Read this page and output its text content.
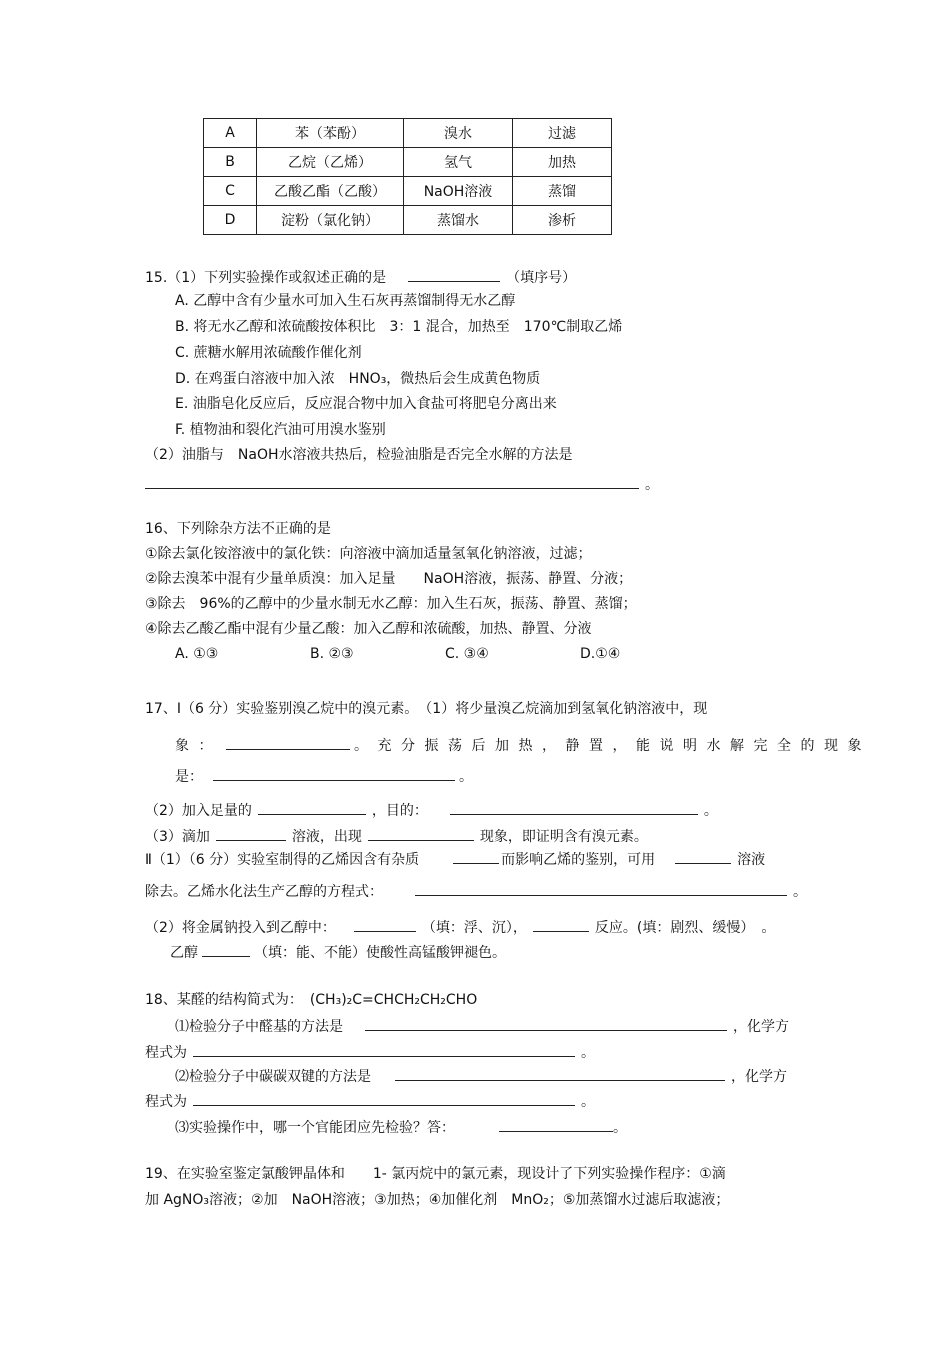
A	苯（苯酚）	溴水	过滤
B	乙烷（乙烯）	氢气	加热
C	乙酸乙酯（乙酸）	NaOH溶液	蒸馏
D	淀粉（氯化钠）	蒸馏水	渗析
15.（1）下列实验操作或叙述正确的是	（填序号）
A. 乙醇中含有少量水可加入生石灰再蒸馏制得无水乙醇
B. 将无水乙醇和浓硫酸按体积比　3：1 混合，加热至　170℃制取乙烯
C. 蔗糖水解用浓硫酸作催化剂
D. 在鸡蛋白溶液中加入浓　HNO₃，微热后会生成黄色物质
E. 油脂皂化反应后，反应混合物中加入食盐可将肥皂分离出来
F. 植物油和裂化汽油可用溴水鉴别
（2）油脂与　NaOH水溶液共热后，检验油脂是否完全水解的方法是
。
16、下列除杂方法不正确的是
①除去氯化铵溶液中的氯化铁：向溶液中滴加适量氢氧化钠溶液，过滤；
②除去溴苯中混有少量单质溴：加入足量　　NaOH溶液，振荡、静置、分液；
③除去　96%的乙醇中的少量水制无水乙醇：加入生石灰，振荡、静置、蒸馏；
④除去乙酸乙酯中混有少量乙酸：加入乙醇和浓硫酸，加热、静置、分液
A. ①③	B. ②③	C. ③④	D.①④
17、Ⅰ（6 分）实验鉴别溴乙烷中的溴元素。　（1）将少量溴乙烷滴加到氢氧化钠溶液中，现
象：	。充分振荡后加热，静置，能说明水解完全的现象
是：	。
（2）加入足量的	，目的：	。
（3）滴加	溶液，出现	现象，即证明含有溴元素。
Ⅱ（1）（6 分）实验室制得的乙烯因含有杂质	而影响乙烯的鉴别，可用	溶液
除去。乙烯水化法生产乙醇的方程式：	。
（2）将金属钠投入到乙醇中：	（填：浮、沉），	反应。(填：剧烈、缓慢）　。
乙醇	（填：能、不能）使酸性高锰酸钾褪色。
18、某醛的结构简式为：　(CH₃)₂C=CHCH₂CH₂CHO
⑴检验分子中醛基的方法是	，化学方
程式为	。
⑵检验分子中碳碳双键的方法是	，化学方
程式为	。
⑶实验操作中，哪一个官能团应先检验？答：	。
19、在实验室鉴定氯酸钾晶体和　　1- 氯丙烷中的氯元素，现设计了下列实验操作程序：①滴
加 AgNO₃溶液；②加　NaOH溶液；③加热；④加催化剂　MnO₂；⑤加蒸馏水过滤后取滤液；
